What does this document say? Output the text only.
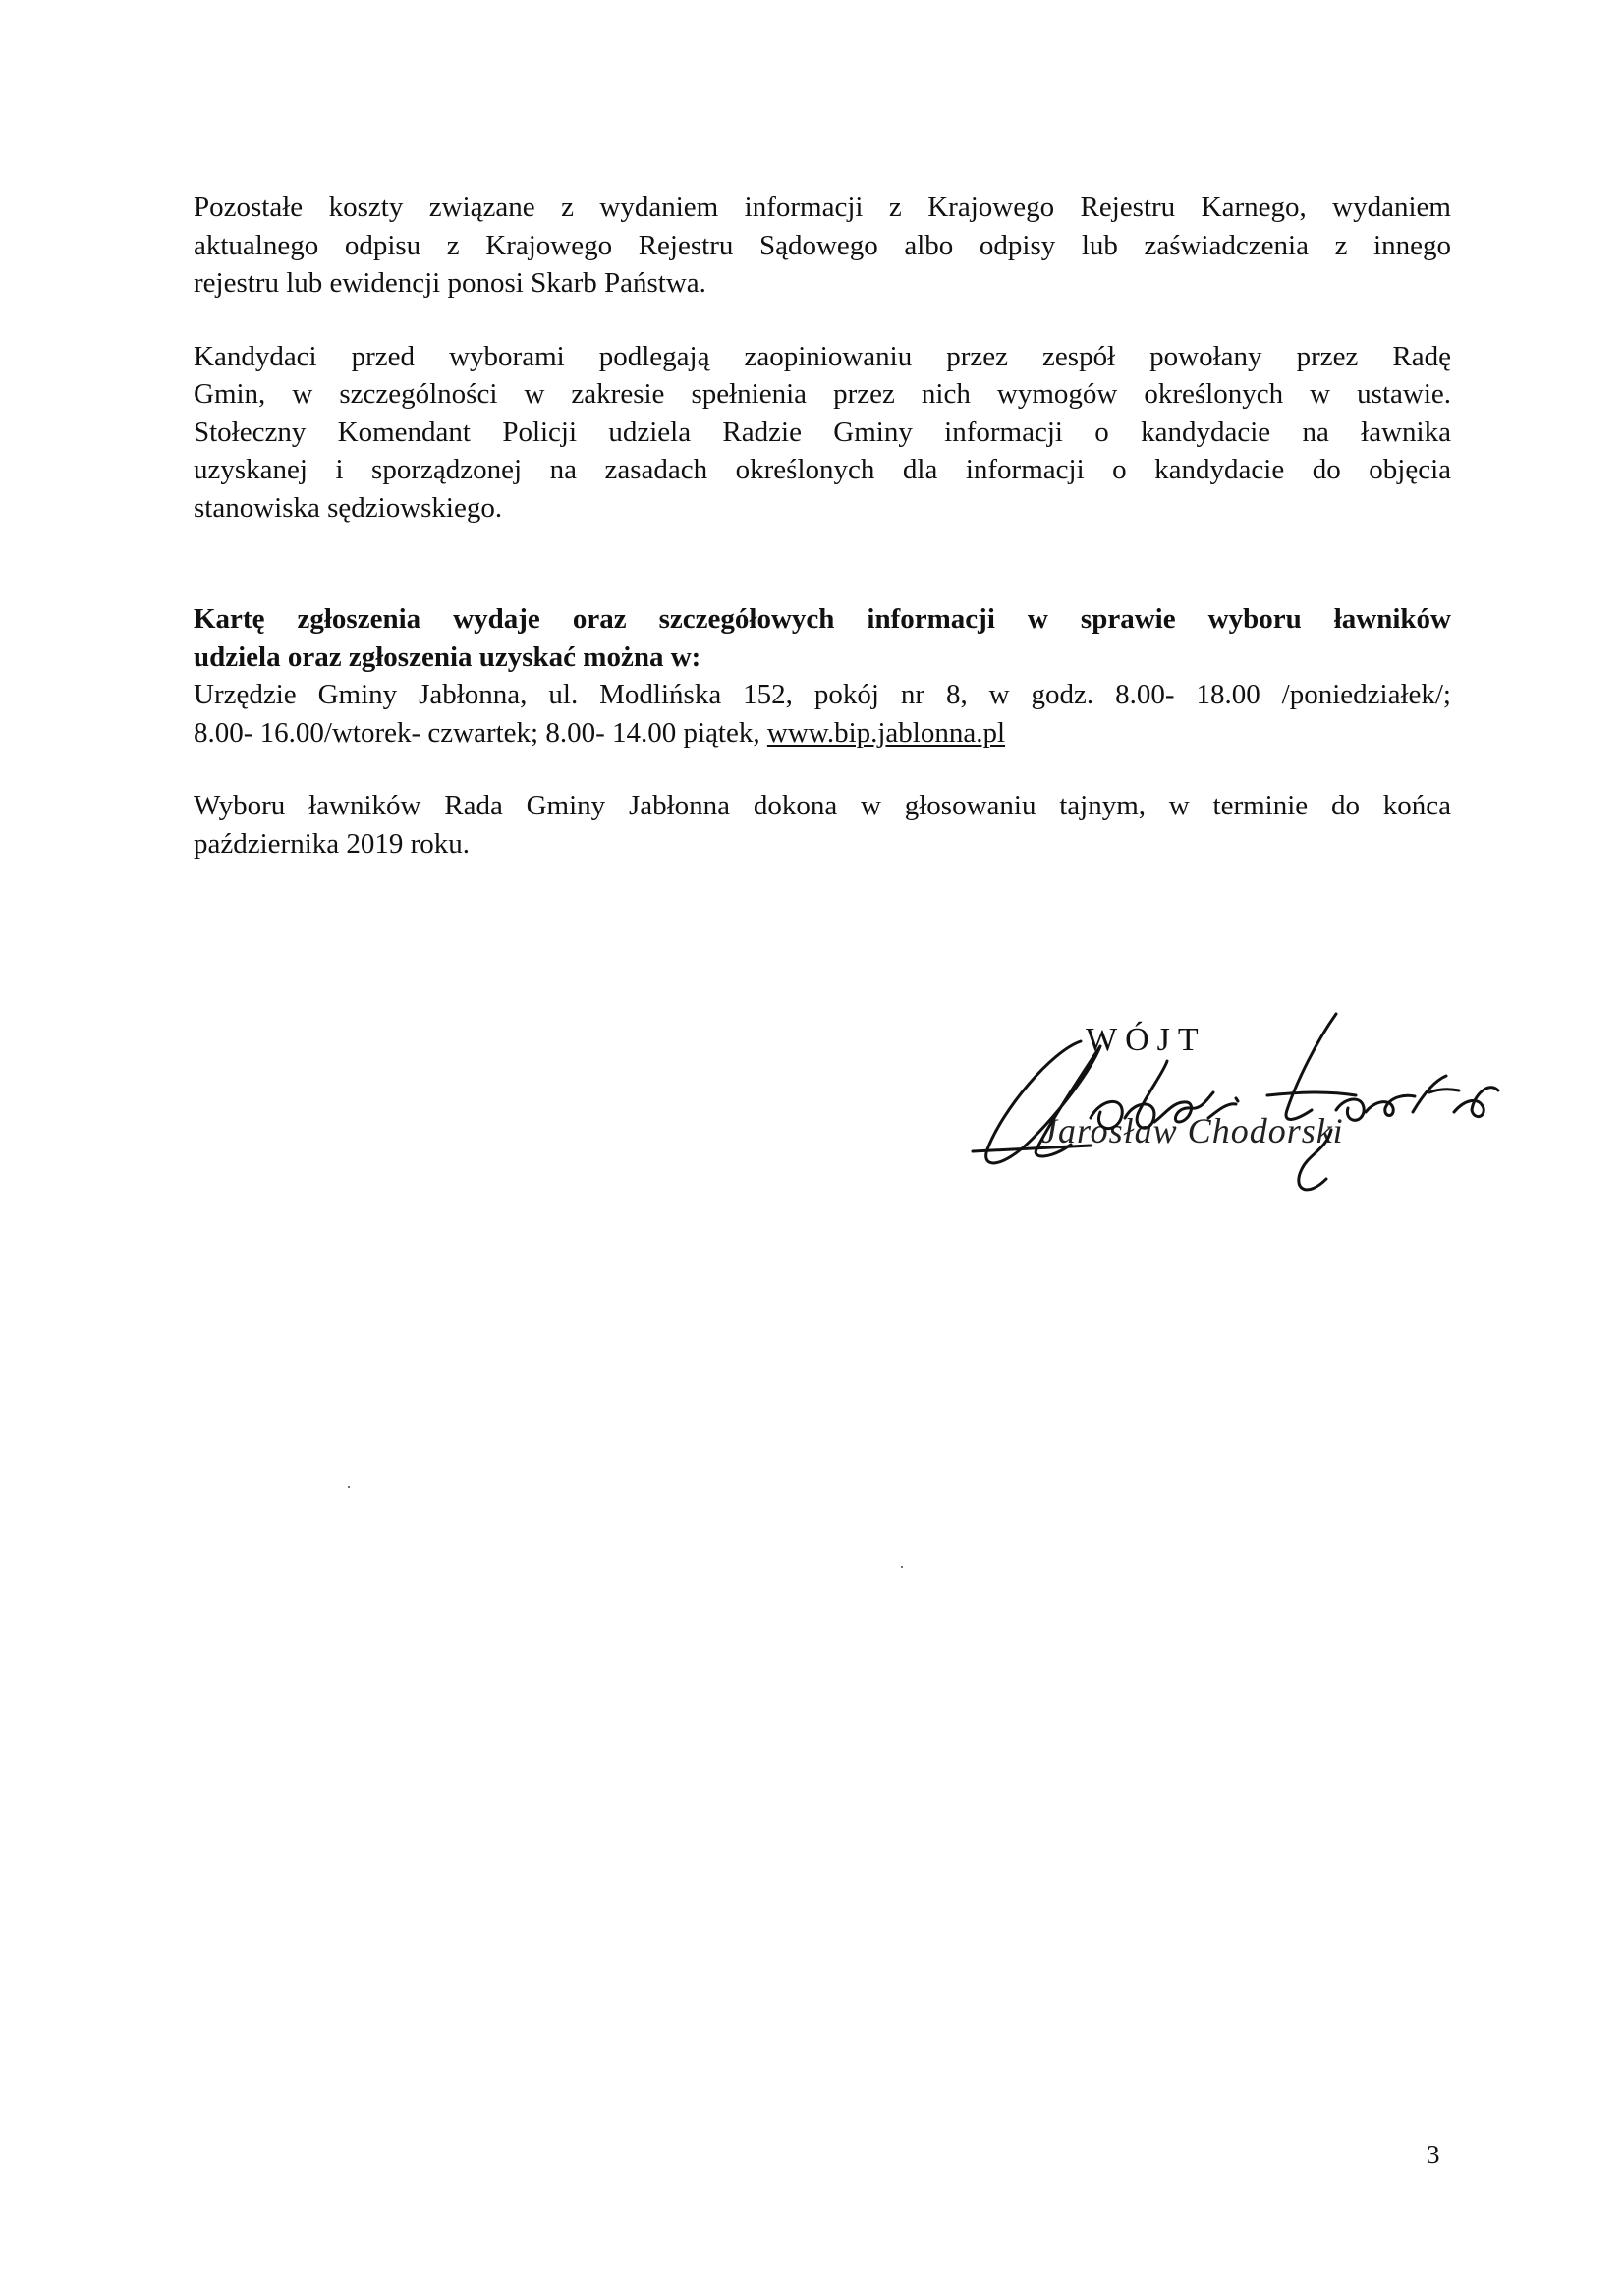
Pozostałe koszty związane z wydaniem informacji z Krajowego Rejestru Karnego, wydaniem
aktualnego odpisu z Krajowego Rejestru Sądowego albo odpisy lub zaświadczenia z innego
rejestru lub ewidencji ponosi Skarb Państwa.

Kandydaci przed wyborami podlegają zaopiniowaniu przez zespół powołany przez Radę
Gmin, w szczególności w zakresie spełnienia przez nich wymogów określonych w ustawie.
Stołeczny Komendant Policji udziela Radzie Gminy informacji o kandydacie na ławnika
uzyskanej i sporządzonej na zasadach określonych dla informacji o kandydacie do objęcia
stanowiska sędziowskiego.

Kartę zgłoszenia wydaje oraz szczegółowych informacji w sprawie wyboru ławników
udziela oraz zgłoszenia uzyskać można w:
Urzędzie Gminy Jabłonna, ul. Modlińska 152, pokój nr 8, w godz. 8.00- 18.00 /poniedziałek/;
8.00- 16.00/wtorek- czwartek; 8.00- 14.00 piątek, www.bip.jablonna.pl

Wyboru ławników Rada Gminy Jabłonna dokona w głosowaniu tajnym, w terminie do końca
października 2019 roku.

WÓJT
Jarosław Chodorski
3
